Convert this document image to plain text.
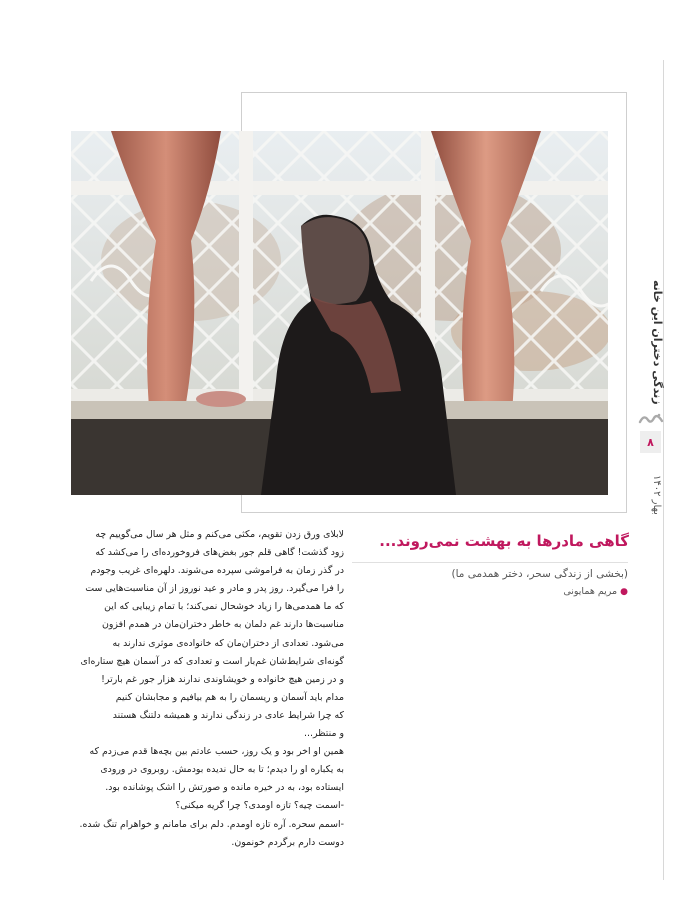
زندگی دختران این خانه
۸
بهار ۱۴۰۲
گاهی مادرها به بهشت نمی‌روند...
(بخشی از زندگی سحر، دختر همدمی ما)
●مریم همایونی
لابلای ورق زدن تقویم، مکثی می‌کنم و مثل هر سال می‌گوییم چه
زود گذشت! گاهی قلم جور بغض‌های فروخورده‌ای را می‌کشد که
در گذر زمان به فراموشی سپرده می‌شوند. دلهره‌ای غریب وجودم
را فرا می‌گیرد. روز پدر و مادر و عید نوروز از آن مناسبت‌هایی ست
که ما همدمی‌ها را زیاد خوشحال نمی‌کند؛ با تمام زیبایی که این
مناسبت‌ها دارند غم دلمان به خاطر دختران‌مان در همدم افزون
می‌شود. تعدادی از دختران‌مان که خانواده‌ی موثری ندارند به
گونه‌ای شرایط‌شان غم‌بار است و تعدادی که در آسمان هیچ ستاره‌ای
و در زمین هیچ خانواده و خویشاوندی ندارند هزار جور غم بارتر!
مدام باید آسمان و ریسمان را به هم بیافیم و مجابشان کنیم
که چرا شرایط عادی در زندگی ندارند و همیشه دلتنگ هستند
و منتظر...
همین او اخر بود و یک روز، حسب عادتم بین بچه‌ها قدم می‌زدم که
به یکباره او را دیدم؛ تا به حال ندیده بودمش. روبروی در ورودی
ایستاده بود، به در خیره مانده و صورتش را اشک پوشانده بود.
-اسمت چیه؟ تازه اومدی؟ چرا گریه میکنی؟
-اسمم سحره. آره تازه اومدم. دلم برای مامانم و خواهرام تنگ شده.
دوست دارم برگردم خونمون.
